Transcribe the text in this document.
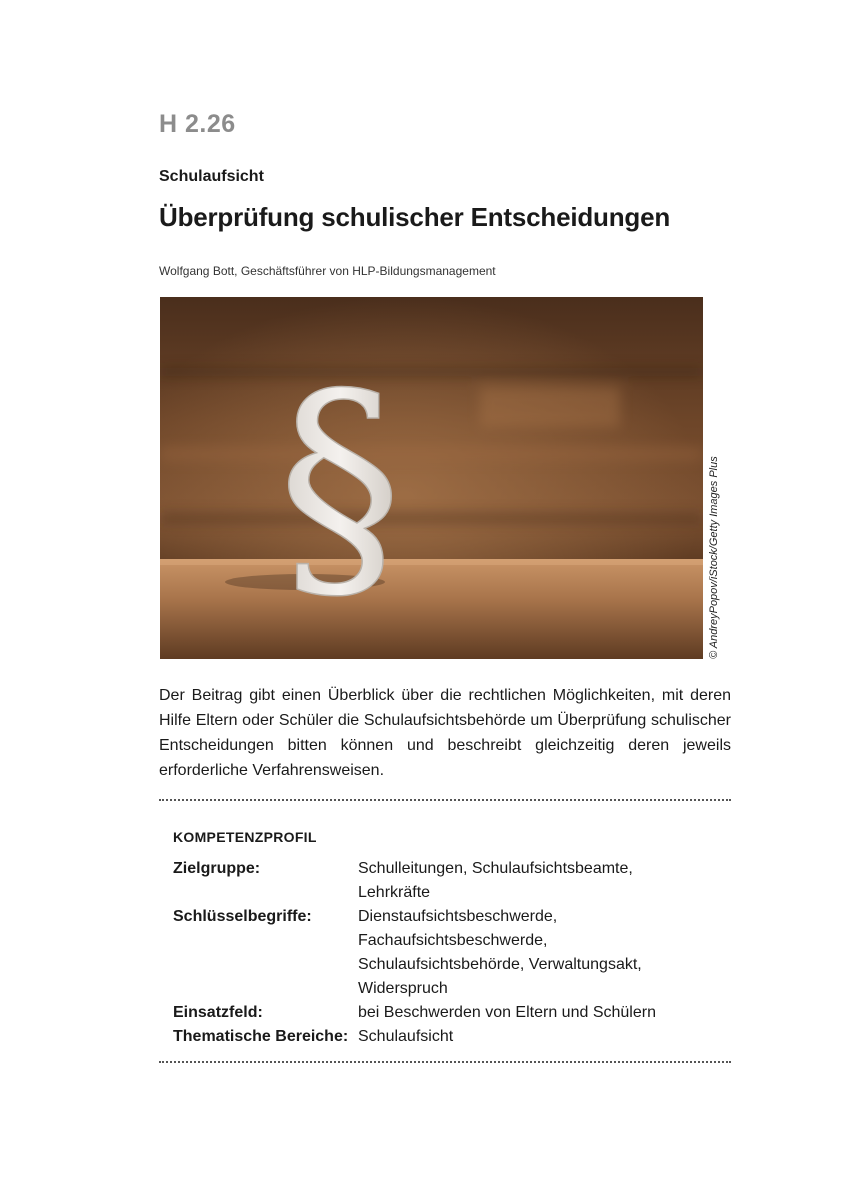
H 2.26
Schulaufsicht
Überprüfung schulischer Entscheidungen
Wolfgang Bott, Geschäftsführer von HLP-Bildungsmanagement
§	© AndreyPopov/iStock/Getty Images Plus

Der Beitrag gibt einen Überblick über die rechtlichen Möglichkeiten, mit deren Hilfe Eltern oder Schüler die Schulaufsichtsbehörde um Überprüfung schulischer Entscheidungen bitten können und beschreibt gleichzeitig deren jeweils erforderliche Verfahrensweisen.

KOMPETENZPROFIL
Zielgruppe:	Schulleitungen, Schulaufsichtsbeamte, Lehrkräfte
Schlüsselbegriffe:	Dienstaufsichtsbeschwerde, Fachaufsichtsbeschwerde, Schulaufsichtsbehörde, Verwaltungsakt, Widerspruch
Einsatzfeld:	bei Beschwerden von Eltern und Schülern
Thematische Bereiche: Schulaufsicht
